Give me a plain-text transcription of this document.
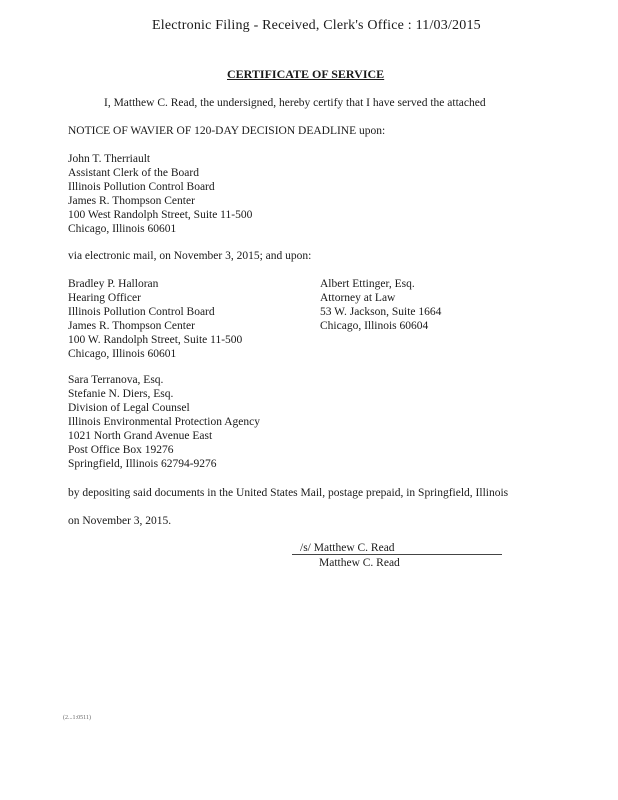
Electronic Filing - Received, Clerk's Office : 11/03/2015
CERTIFICATE OF SERVICE
I, Matthew C. Read, the undersigned, hereby certify that I have served the attached
NOTICE OF WAVIER OF 120-DAY DECISION DEADLINE upon:
John T. Therriault
Assistant Clerk of the Board
Illinois Pollution Control Board
James R. Thompson Center
100 West Randolph Street, Suite 11-500
Chicago, Illinois 60601
via electronic mail, on November 3, 2015; and upon:
Bradley P. Halloran
Hearing Officer
Illinois Pollution Control Board
James R. Thompson Center
100 W. Randolph Street, Suite 11-500
Chicago, Illinois 60601
Albert Ettinger, Esq.
Attorney at Law
53 W. Jackson, Suite 1664
Chicago, Illinois 60604
Sara Terranova, Esq.
Stefanie N. Diers, Esq.
Division of Legal Counsel
Illinois Environmental Protection Agency
1021 North Grand Avenue East
Post Office Box 19276
Springfield, Illinois 62794-9276
by depositing said documents in the United States Mail, postage prepaid, in Springfield, Illinois
on November 3, 2015.
/s/ Matthew C. Read
Matthew C. Read
(2...1:0511)
